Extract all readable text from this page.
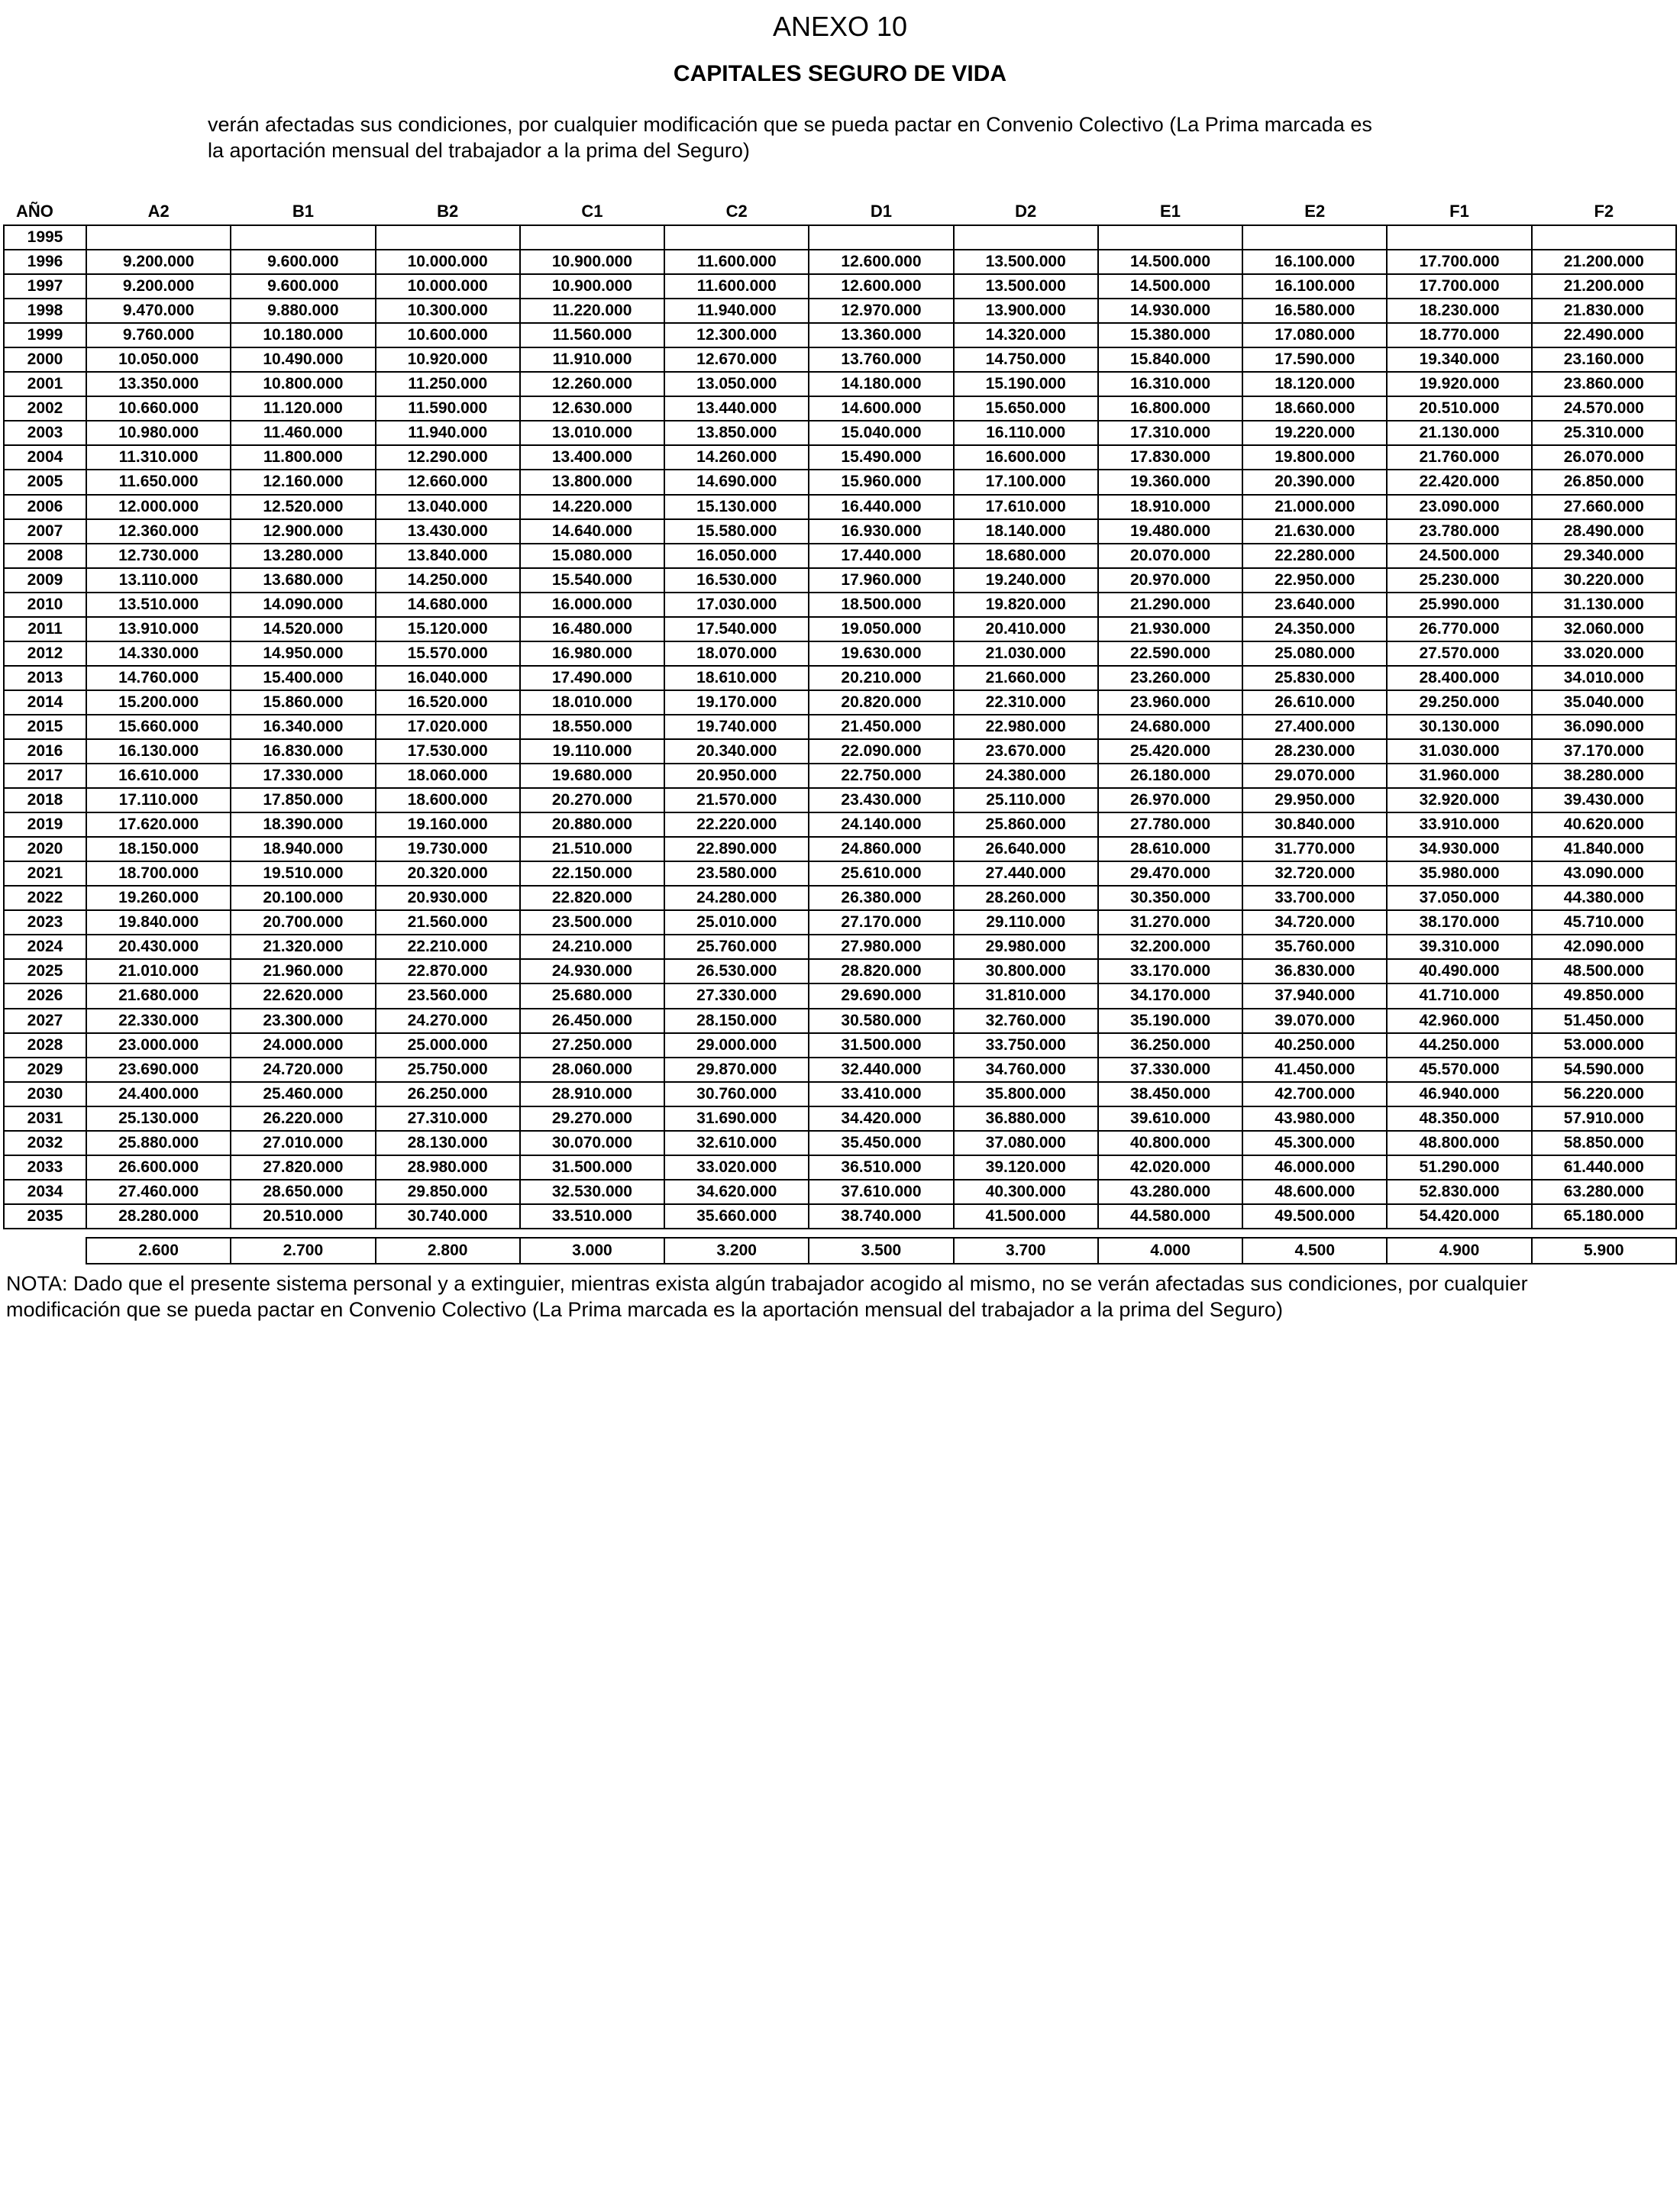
ANEXO 10
CAPITALES SEGURO DE VIDA

verán afectadas sus condiciones, por cualquier modificación que se pueda pactar en Convenio Colectivo (La Prima marcada es
la aportación mensual del trabajador a la prima del Seguro)

AÑO	A2	B1	B2	C1	C2	D1	D2	E1	E2	F1	F2
1995											
1996	9.200.000	9.600.000	10.000.000	10.900.000	11.600.000	12.600.000	13.500.000	14.500.000	16.100.000	17.700.000	21.200.000
1997	9.200.000	9.600.000	10.000.000	10.900.000	11.600.000	12.600.000	13.500.000	14.500.000	16.100.000	17.700.000	21.200.000
1998	9.470.000	9.880.000	10.300.000	11.220.000	11.940.000	12.970.000	13.900.000	14.930.000	16.580.000	18.230.000	21.830.000
1999	9.760.000	10.180.000	10.600.000	11.560.000	12.300.000	13.360.000	14.320.000	15.380.000	17.080.000	18.770.000	22.490.000
2000	10.050.000	10.490.000	10.920.000	11.910.000	12.670.000	13.760.000	14.750.000	15.840.000	17.590.000	19.340.000	23.160.000
2001	13.350.000	10.800.000	11.250.000	12.260.000	13.050.000	14.180.000	15.190.000	16.310.000	18.120.000	19.920.000	23.860.000
2002	10.660.000	11.120.000	11.590.000	12.630.000	13.440.000	14.600.000	15.650.000	16.800.000	18.660.000	20.510.000	24.570.000
2003	10.980.000	11.460.000	11.940.000	13.010.000	13.850.000	15.040.000	16.110.000	17.310.000	19.220.000	21.130.000	25.310.000
2004	11.310.000	11.800.000	12.290.000	13.400.000	14.260.000	15.490.000	16.600.000	17.830.000	19.800.000	21.760.000	26.070.000
2005	11.650.000	12.160.000	12.660.000	13.800.000	14.690.000	15.960.000	17.100.000	19.360.000	20.390.000	22.420.000	26.850.000
2006	12.000.000	12.520.000	13.040.000	14.220.000	15.130.000	16.440.000	17.610.000	18.910.000	21.000.000	23.090.000	27.660.000
2007	12.360.000	12.900.000	13.430.000	14.640.000	15.580.000	16.930.000	18.140.000	19.480.000	21.630.000	23.780.000	28.490.000
2008	12.730.000	13.280.000	13.840.000	15.080.000	16.050.000	17.440.000	18.680.000	20.070.000	22.280.000	24.500.000	29.340.000
2009	13.110.000	13.680.000	14.250.000	15.540.000	16.530.000	17.960.000	19.240.000	20.970.000	22.950.000	25.230.000	30.220.000
2010	13.510.000	14.090.000	14.680.000	16.000.000	17.030.000	18.500.000	19.820.000	21.290.000	23.640.000	25.990.000	31.130.000
2011	13.910.000	14.520.000	15.120.000	16.480.000	17.540.000	19.050.000	20.410.000	21.930.000	24.350.000	26.770.000	32.060.000
2012	14.330.000	14.950.000	15.570.000	16.980.000	18.070.000	19.630.000	21.030.000	22.590.000	25.080.000	27.570.000	33.020.000
2013	14.760.000	15.400.000	16.040.000	17.490.000	18.610.000	20.210.000	21.660.000	23.260.000	25.830.000	28.400.000	34.010.000
2014	15.200.000	15.860.000	16.520.000	18.010.000	19.170.000	20.820.000	22.310.000	23.960.000	26.610.000	29.250.000	35.040.000
2015	15.660.000	16.340.000	17.020.000	18.550.000	19.740.000	21.450.000	22.980.000	24.680.000	27.400.000	30.130.000	36.090.000
2016	16.130.000	16.830.000	17.530.000	19.110.000	20.340.000	22.090.000	23.670.000	25.420.000	28.230.000	31.030.000	37.170.000
2017	16.610.000	17.330.000	18.060.000	19.680.000	20.950.000	22.750.000	24.380.000	26.180.000	29.070.000	31.960.000	38.280.000
2018	17.110.000	17.850.000	18.600.000	20.270.000	21.570.000	23.430.000	25.110.000	26.970.000	29.950.000	32.920.000	39.430.000
2019	17.620.000	18.390.000	19.160.000	20.880.000	22.220.000	24.140.000	25.860.000	27.780.000	30.840.000	33.910.000	40.620.000
2020	18.150.000	18.940.000	19.730.000	21.510.000	22.890.000	24.860.000	26.640.000	28.610.000	31.770.000	34.930.000	41.840.000
2021	18.700.000	19.510.000	20.320.000	22.150.000	23.580.000	25.610.000	27.440.000	29.470.000	32.720.000	35.980.000	43.090.000
2022	19.260.000	20.100.000	20.930.000	22.820.000	24.280.000	26.380.000	28.260.000	30.350.000	33.700.000	37.050.000	44.380.000
2023	19.840.000	20.700.000	21.560.000	23.500.000	25.010.000	27.170.000	29.110.000	31.270.000	34.720.000	38.170.000	45.710.000
2024	20.430.000	21.320.000	22.210.000	24.210.000	25.760.000	27.980.000	29.980.000	32.200.000	35.760.000	39.310.000	42.090.000
2025	21.010.000	21.960.000	22.870.000	24.930.000	26.530.000	28.820.000	30.800.000	33.170.000	36.830.000	40.490.000	48.500.000
2026	21.680.000	22.620.000	23.560.000	25.680.000	27.330.000	29.690.000	31.810.000	34.170.000	37.940.000	41.710.000	49.850.000
2027	22.330.000	23.300.000	24.270.000	26.450.000	28.150.000	30.580.000	32.760.000	35.190.000	39.070.000	42.960.000	51.450.000
2028	23.000.000	24.000.000	25.000.000	27.250.000	29.000.000	31.500.000	33.750.000	36.250.000	40.250.000	44.250.000	53.000.000
2029	23.690.000	24.720.000	25.750.000	28.060.000	29.870.000	32.440.000	34.760.000	37.330.000	41.450.000	45.570.000	54.590.000
2030	24.400.000	25.460.000	26.250.000	28.910.000	30.760.000	33.410.000	35.800.000	38.450.000	42.700.000	46.940.000	56.220.000
2031	25.130.000	26.220.000	27.310.000	29.270.000	31.690.000	34.420.000	36.880.000	39.610.000	43.980.000	48.350.000	57.910.000
2032	25.880.000	27.010.000	28.130.000	30.070.000	32.610.000	35.450.000	37.080.000	40.800.000	45.300.000	48.800.000	58.850.000
2033	26.600.000	27.820.000	28.980.000	31.500.000	33.020.000	36.510.000	39.120.000	42.020.000	46.000.000	51.290.000	61.440.000
2034	27.460.000	28.650.000	29.850.000	32.530.000	34.620.000	37.610.000	40.300.000	43.280.000	48.600.000	52.830.000	63.280.000
2035	28.280.000	20.510.000	30.740.000	33.510.000	35.660.000	38.740.000	41.500.000	44.580.000	49.500.000	54.420.000	65.180.000

	2.600	2.700	2.800	3.000	3.200	3.500	3.700	4.000	4.500	4.900	5.900

NOTA: Dado que el presente sistema personal y a extinguier, mientras exista algún trabajador acogido al mismo, no se verán afectadas sus condiciones, por cualquier
modificación que se pueda pactar en Convenio Colectivo (La Prima marcada es la aportación mensual del trabajador a la prima del Seguro)
